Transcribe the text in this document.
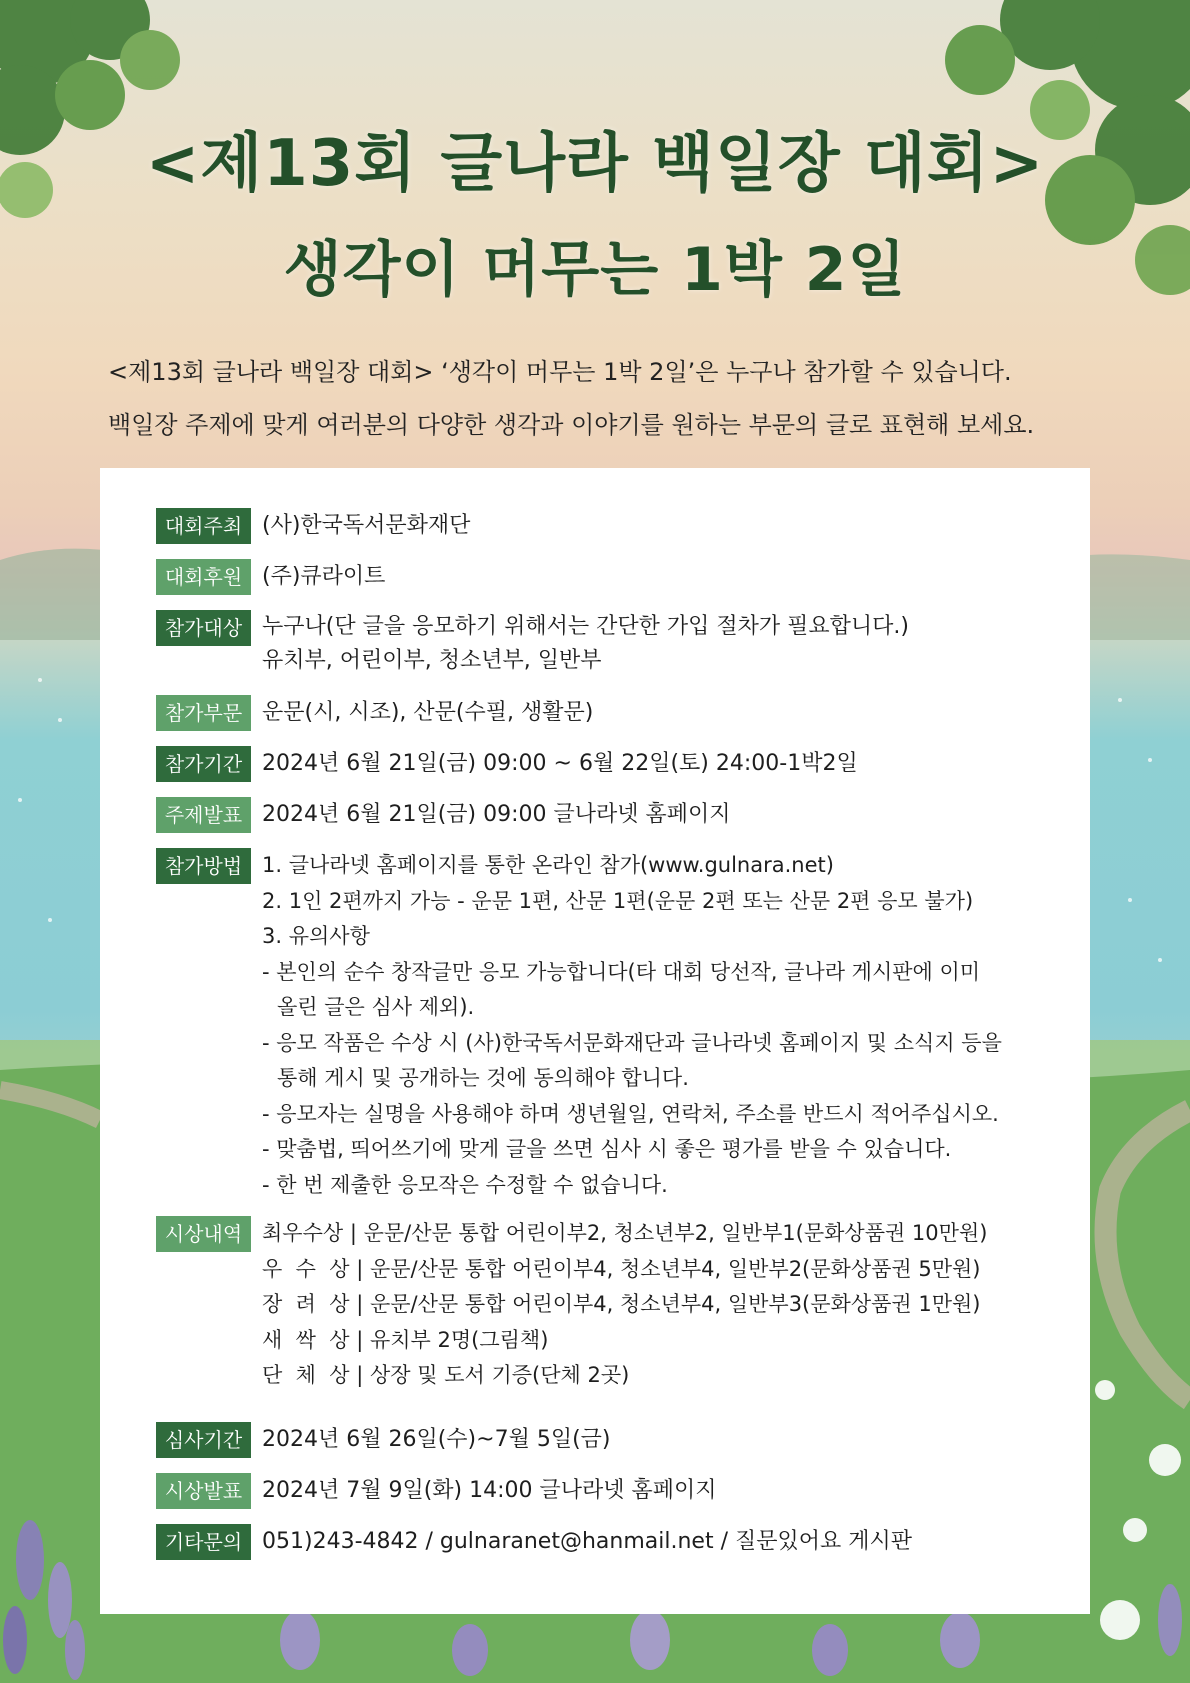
<제13회 글나라 백일장 대회>
생각이 머무는 1박 2일
<제13회 글나라 백일장 대회> ‘생각이 머무는 1박 2일’은 누구나 참가할 수 있습니다.
백일장 주제에 맞게 여러분의 다양한 생각과 이야기를 원하는 부문의 글로 표현해 보세요.
대회주최 (사)한국독서문화재단
대회후원 (주)큐라이트
참가대상 누구나(단 글을 응모하기 위해서는 간단한 가입 절차가 필요합니다.)
유치부, 어린이부, 청소년부, 일반부
참가부문 운문(시, 시조), 산문(수필, 생활문)
참가기간 2024년 6월 21일(금) 09:00 ~ 6월 22일(토) 24:00-1박2일
주제발표 2024년 6월 21일(금) 09:00 글나라넷 홈페이지
참가방법 1. 글나라넷 홈페이지를 통한 온라인 참가(www.gulnara.net)
2. 1인 2편까지 가능 - 운문 1편, 산문 1편(운문 2편 또는 산문 2편 응모 불가)
3. 유의사항
- 본인의 순수 창작글만 응모 가능합니다(타 대회 당선작, 글나라 게시판에 이미
올린 글은 심사 제외).
- 응모 작품은 수상 시 (사)한국독서문화재단과 글나라넷 홈페이지 및 소식지 등을
통해 게시 및 공개하는 것에 동의해야 합니다.
- 응모자는 실명을 사용해야 하며 생년월일, 연락처, 주소를 반드시 적어주십시오.
- 맞춤법, 띄어쓰기에 맞게 글을 쓰면 심사 시 좋은 평가를 받을 수 있습니다.
- 한 번 제출한 응모작은 수정할 수 없습니다.
시상내역 최우수상 | 운문/산문 통합 어린이부2, 청소년부2, 일반부1(문화상품권 10만원)
우  수  상 | 운문/산문 통합 어린이부4, 청소년부4, 일반부2(문화상품권 5만원)
장  려  상 | 운문/산문 통합 어린이부4, 청소년부4, 일반부3(문화상품권 1만원)
새  싹  상 | 유치부 2명(그림책)
단  체  상 | 상장 및 도서 기증(단체 2곳)
심사기간 2024년 6월 26일(수)~7월 5일(금)
시상발표 2024년 7월 9일(화) 14:00 글나라넷 홈페이지
기타문의 051)243-4842 / gulnaranet@hanmail.net / 질문있어요 게시판
